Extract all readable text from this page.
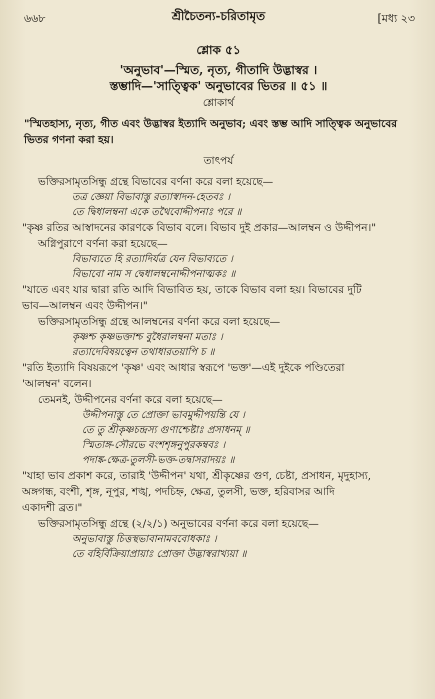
৬৬৮	শ্রীচৈতন্য-চরিতামৃত	[মধ্য ২৩
শ্লোক ৫১
'অনুভাব'—স্মিত, নৃত্য, গীতাদি উদ্ভাস্বর ।
স্তম্ভাদি—'সাত্ত্বিক' অনুভাবের ভিতর ॥ ৫১ ॥
শ্লোকার্থ
"স্মিতহাস্য, নৃত্য, গীত এবং উদ্ভাস্বর ইত্যাদি অনুভাব; এবং স্তম্ভ আদি সাত্ত্বিক অনুভাবের
ভিতর গণনা করা হয়।
তাৎপর্য
ভক্তিরসামৃতসিন্ধু গ্রন্থে বিভাবের বর্ণনা করে বলা হয়েছে—
তত্র জ্ঞেয়া বিভাবাস্তু রত্যাস্বাদন-হেতবঃ ।
তে দ্বিধালম্বনা একে তথৈবোদ্দীপনাঃ পরে ॥
"কৃষ্ণ রতির আস্বাদনের কারণকে বিভাব বলে। বিভাব দুই প্রকার—আলম্বন ও উদ্দীপন।"
অগ্নিপুরাণে বর্ণনা করা হয়েছে—
বিভাব্যতে হি রত্যাদির্যত্র যেন বিভাব্যতে ।
বিভাবো নাম স দ্বেধালম্বনোদ্দীপনাত্মকঃ ॥
"যাতে এবং যার দ্বারা রতি আদি বিভাবিত হয়, তাকে বিভাব বলা হয়। বিভাবের দুটি
ভাব—আলম্বন এবং উদ্দীপন।"
ভক্তিরসামৃতসিন্ধু গ্রন্থে আলম্বনের বর্ণনা করে বলা হয়েছে—
কৃষ্ণশ্চ কৃষ্ণভক্তাশ্চ বুধৈরালম্বনা মতাঃ ।
রত্যাদেবিষয়ত্বেন তথাধারতয়াপি চ ॥
"রতি ইত্যাদি বিষয়রূপে 'কৃষ্ণ' এবং আধার স্বরূপে 'ভক্ত'—এই দুইকে পণ্ডিতেরা
'আলম্বন' বলেন।
তেমনই, উদ্দীপনের বর্ণনা করে বলা হয়েছে—
উদ্দীপনাস্তু তে প্রোক্তা ভাবমুদ্দীপয়ন্তি যে ।
তে তু শ্রীকৃষ্ণচন্দ্রস্য গুণাশ্চেষ্টাঃ প্রসাধনম্ ॥
স্মিতাঙ্গ-সৌরভে বংশশৃঙ্গনুপুরকম্ববঃ ।
পদাঙ্ক-ক্ষেত্র-তুলসী-ভক্ত-তদ্বাসরাদয়ঃ ॥
"যাহা ভাব প্রকাশ করে, তারাই 'উদ্দীপন' যথা, শ্রীকৃষ্ণের গুণ, চেষ্টা, প্রসাধন, মৃদুহাস্য,
অঙ্গগন্ধ, বংশী, শৃঙ্গ, নূপুর, শঙ্খ, পদচিহ্ন, ক্ষেত্র, তুলসী, ভক্ত, হরিবাসর আদি
একাদশী ব্রত।"
ভক্তিরসামৃতসিন্ধু গ্রন্থে (২/২/১) অনুভাবের বর্ণনা করে বলা হয়েছে—
অনুভাবাস্তু চিত্তস্থভাবানামববোধকাঃ ।
তে বহির্বিক্রিয়াপ্রায়াঃ প্রোক্তা উদ্ভাস্বরাখ্যয়া ॥
